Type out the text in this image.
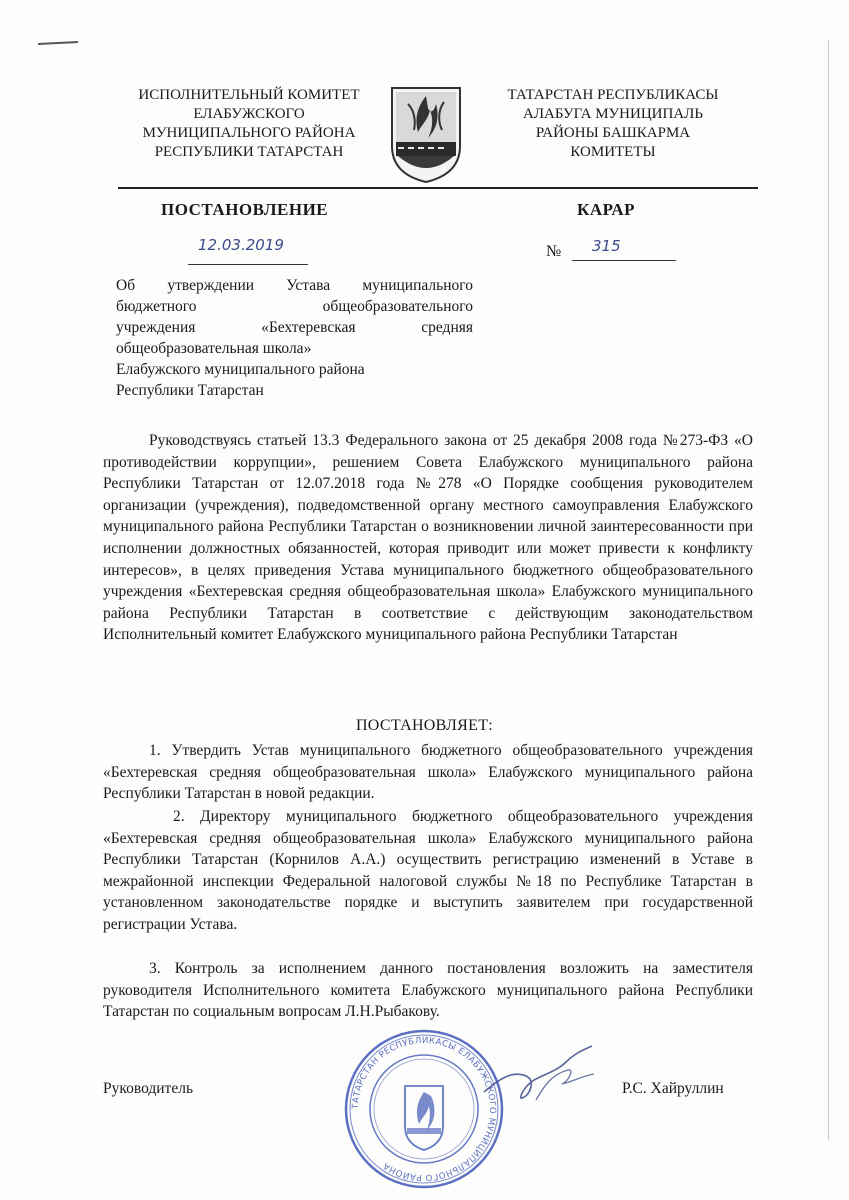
ИСПОЛНИТЕЛЬНЫЙ КОМИТЕТ
ЕЛАБУЖСКОГО
МУНИЦИПАЛЬНОГО РАЙОНА
РЕСПУБЛИКИ ТАТАРСТАН
ТАТАРСТАН РЕСПУБЛИКАСЫ
АЛАБУГА МУНИЦИПАЛЬ
РАЙОНЫ БАШКАРМА
КОМИТЕТЫ
ПОСТАНОВЛЕНИЕ	КАРАР
12.03.2019	№ 315
Об утверждении Устава муниципального
бюджетного общеобразовательного
учреждения «Бехтеревская средняя
общеобразовательная школа»
Елабужского муниципального района
Республики Татарстан
Руководствуясь статьей 13.3 Федерального закона от 25 декабря 2008 года №273-ФЗ «О противодействии коррупции», решением Совета Елабужского муниципального района Республики Татарстан от 12.07.2018 года №278 «О Порядке сообщения руководителем организации (учреждения), подведомственной органу местного самоуправления Елабужского муниципального района Республики Татарстан о возникновении личной заинтересованности при исполнении должностных обязанностей, которая приводит или может привести к конфликту интересов», в целях приведения Устава муниципального бюджетного общеобразовательного учреждения «Бехтеревская средняя общеобразовательная школа» Елабужского муниципального района Республики Татарстан в соответствие с действующим законодательством Исполнительный комитет Елабужского муниципального района Республики Татарстан
ПОСТАНОВЛЯЕТ:
1. Утвердить Устав муниципального бюджетного общеобразовательного учреждения «Бехтеревская средняя общеобразовательная школа» Елабужского муниципального района Республики Татарстан в новой редакции.
2. Директору муниципального бюджетного общеобразовательного учреждения «Бехтеревская средняя общеобразовательная школа» Елабужского муниципального района Республики Татарстан (Корнилов А.А.) осуществить регистрацию изменений в Уставе в межрайонной инспекции Федеральной налоговой службы №18 по Республике Татарстан в установленном законодательстве порядке и выступить заявителем при государственной регистрации Устава.
3. Контроль за исполнением данного постановления возложить на заместителя руководителя Исполнительного комитета Елабужского муниципального района Республики Татарстан по социальным вопросам Л.Н.Рыбакову.
Руководитель	Р.С. Хайруллин
ТАТАРСТАН РЕСПУБЛИКАСЫ ЕЛАБУЖСКОГО МУНИЦИПАЛЬНОГО РАЙОНА
